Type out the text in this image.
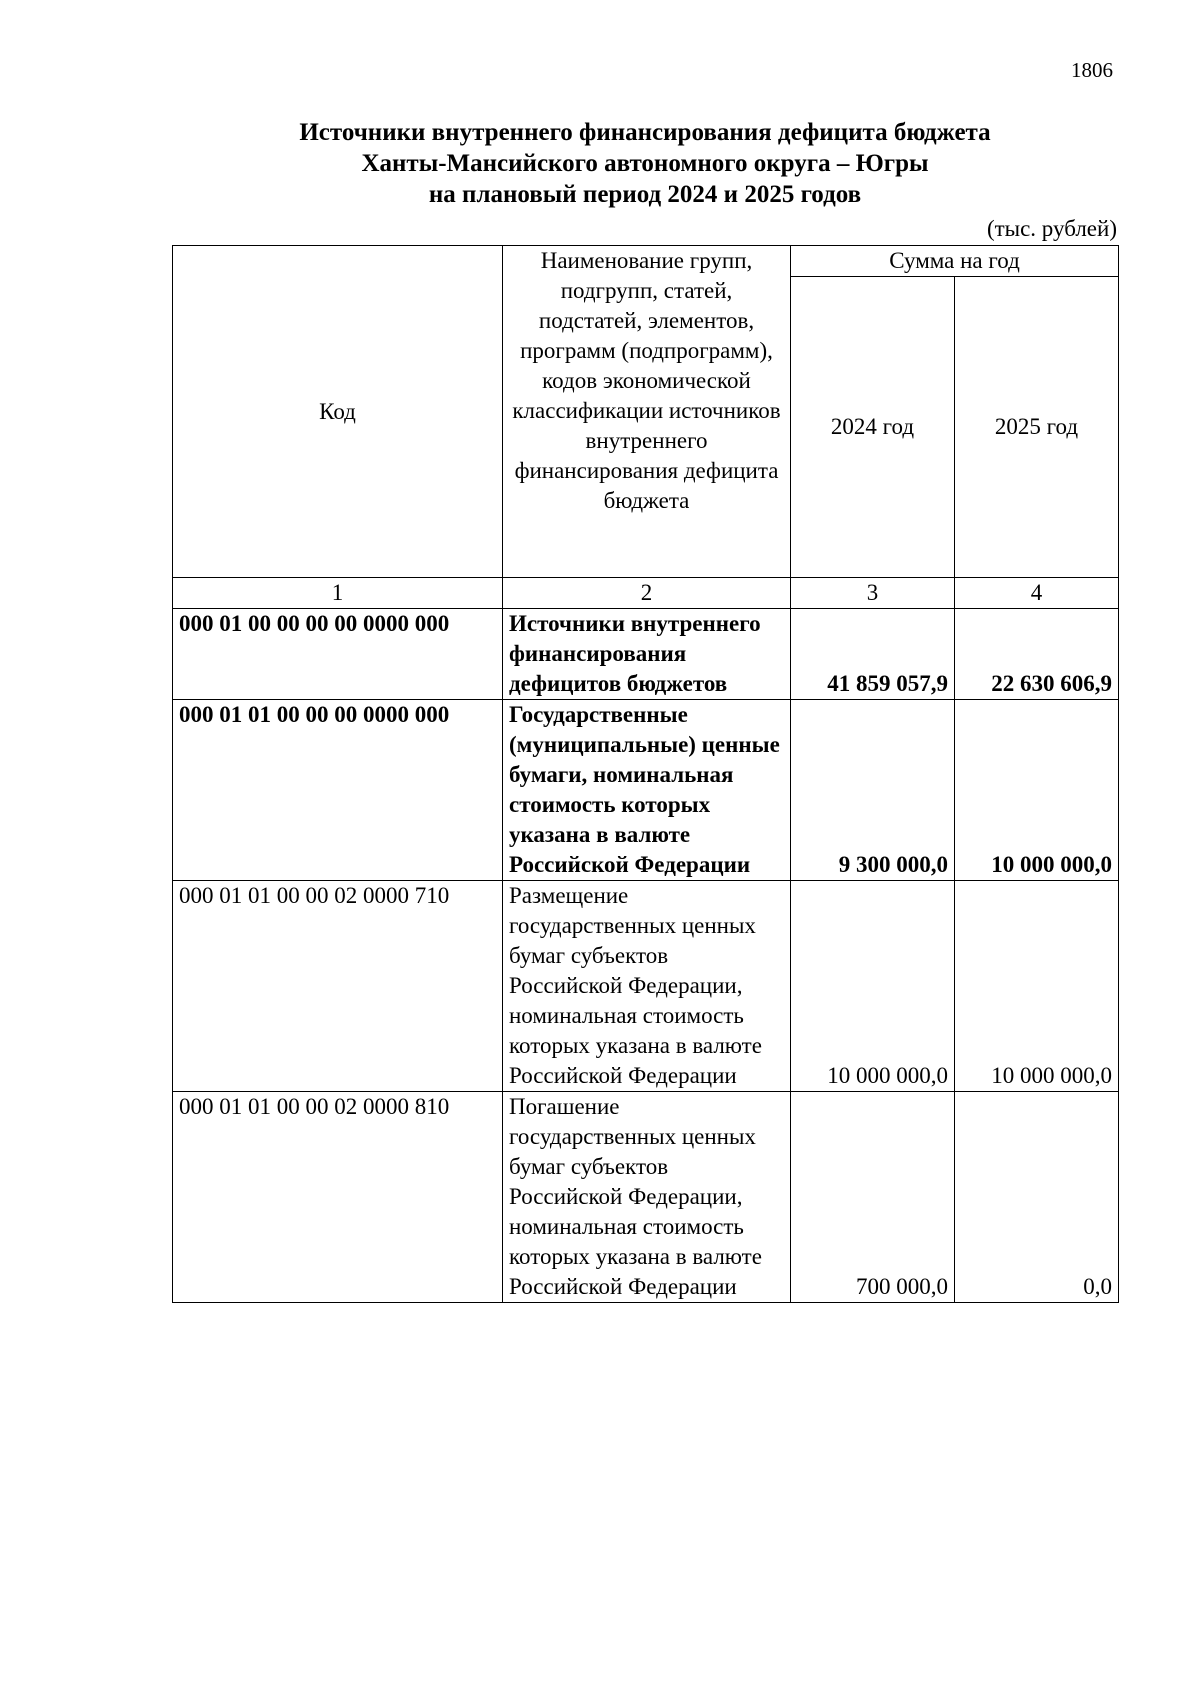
1806
Источники внутреннего финансирования дефицита бюджета
Ханты-Мансийского автономного округа – Югры
на плановый период 2024 и 2025 годов
(тыс. рублей)
Код	Наименование групп, подгрупп, статей, подстатей, элементов, программ (подпрограмм), кодов экономической классификации источников внутреннего финансирования дефицита бюджета	Сумма на год	
		2024 год	2025 год
1	2	3	4
000 01 00 00 00 00 0000 000	Источники внутреннего финансирования дефицитов бюджетов	41 859 057,9	22 630 606,9
000 01 01 00 00 00 0000 000	Государственные (муниципальные) ценные бумаги, номинальная стоимость которых указана в валюте Российской Федерации	9 300 000,0	10 000 000,0
000 01 01 00 00 02 0000 710	Размещение государственных ценных бумаг субъектов Российской Федерации, номинальная стоимость которых указана в валюте Российской Федерации	10 000 000,0	10 000 000,0
000 01 01 00 00 02 0000 810	Погашение государственных ценных бумаг субъектов Российской Федерации, номинальная стоимость которых указана в валюте Российской Федерации	700 000,0	0,0
